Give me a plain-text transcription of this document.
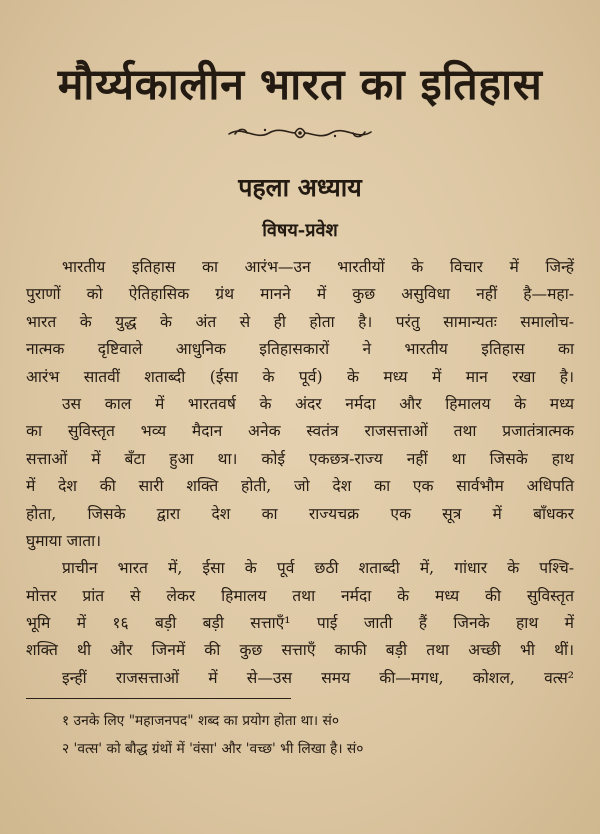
मौर्य्यकालीन भारत का इतिहास
पहला अध्याय
विषय-प्रवेश
भारतीय इतिहास का आरंभ—उन भारतीयों के विचार में जिन्हें
पुराणों को ऐतिहासिक ग्रंथ मानने में कुछ असुविधा नहीं है—महा-
भारत के युद्ध के अंत से ही होता है। परंतु सामान्यतः समालोच-
नात्मक दृष्टिवाले आधुनिक इतिहासकारों ने भारतीय इतिहास का
आरंभ सातवीं शताब्दी (ईसा के पूर्व) के मध्य में मान रखा है।
उस काल में भारतवर्ष के अंदर नर्मदा और हिमालय के मध्य
का सुविस्तृत भव्य मैदान अनेक स्वतंत्र राजसत्ताओं तथा प्रजातंत्रात्मक
सत्ताओं में बँटा हुआ था। कोई एकछत्र-राज्य नहीं था जिसके हाथ
में देश की सारी शक्ति होती, जो देश का एक सार्वभौम अधिपति
होता, जिसके द्वारा देश का राज्यचक्र एक सूत्र में बाँधकर
घुमाया जाता।
प्राचीन भारत में, ईसा के पूर्व छठी शताब्दी में, गांधार के पश्चि-
मोत्तर प्रांत से लेकर हिमालय तथा नर्मदा के मध्य की सुविस्तृत
भूमि में १६ बड़ी बड़ी सत्ताएँ¹ पाई जाती हैं जिनके हाथ में
शक्ति थी और जिनमें की कुछ सत्ताएँ काफी बड़ी तथा अच्छी भी थीं।
इन्हीं राजसत्ताओं में से—उस समय की—मगध, कोशल, वत्स²
१ उनके लिए "महाजनपद" शब्द का प्रयोग होता था। सं०
२ 'वत्स' को बौद्ध ग्रंथों में 'वंसा' और 'वच्छ' भी लिखा है। सं०
